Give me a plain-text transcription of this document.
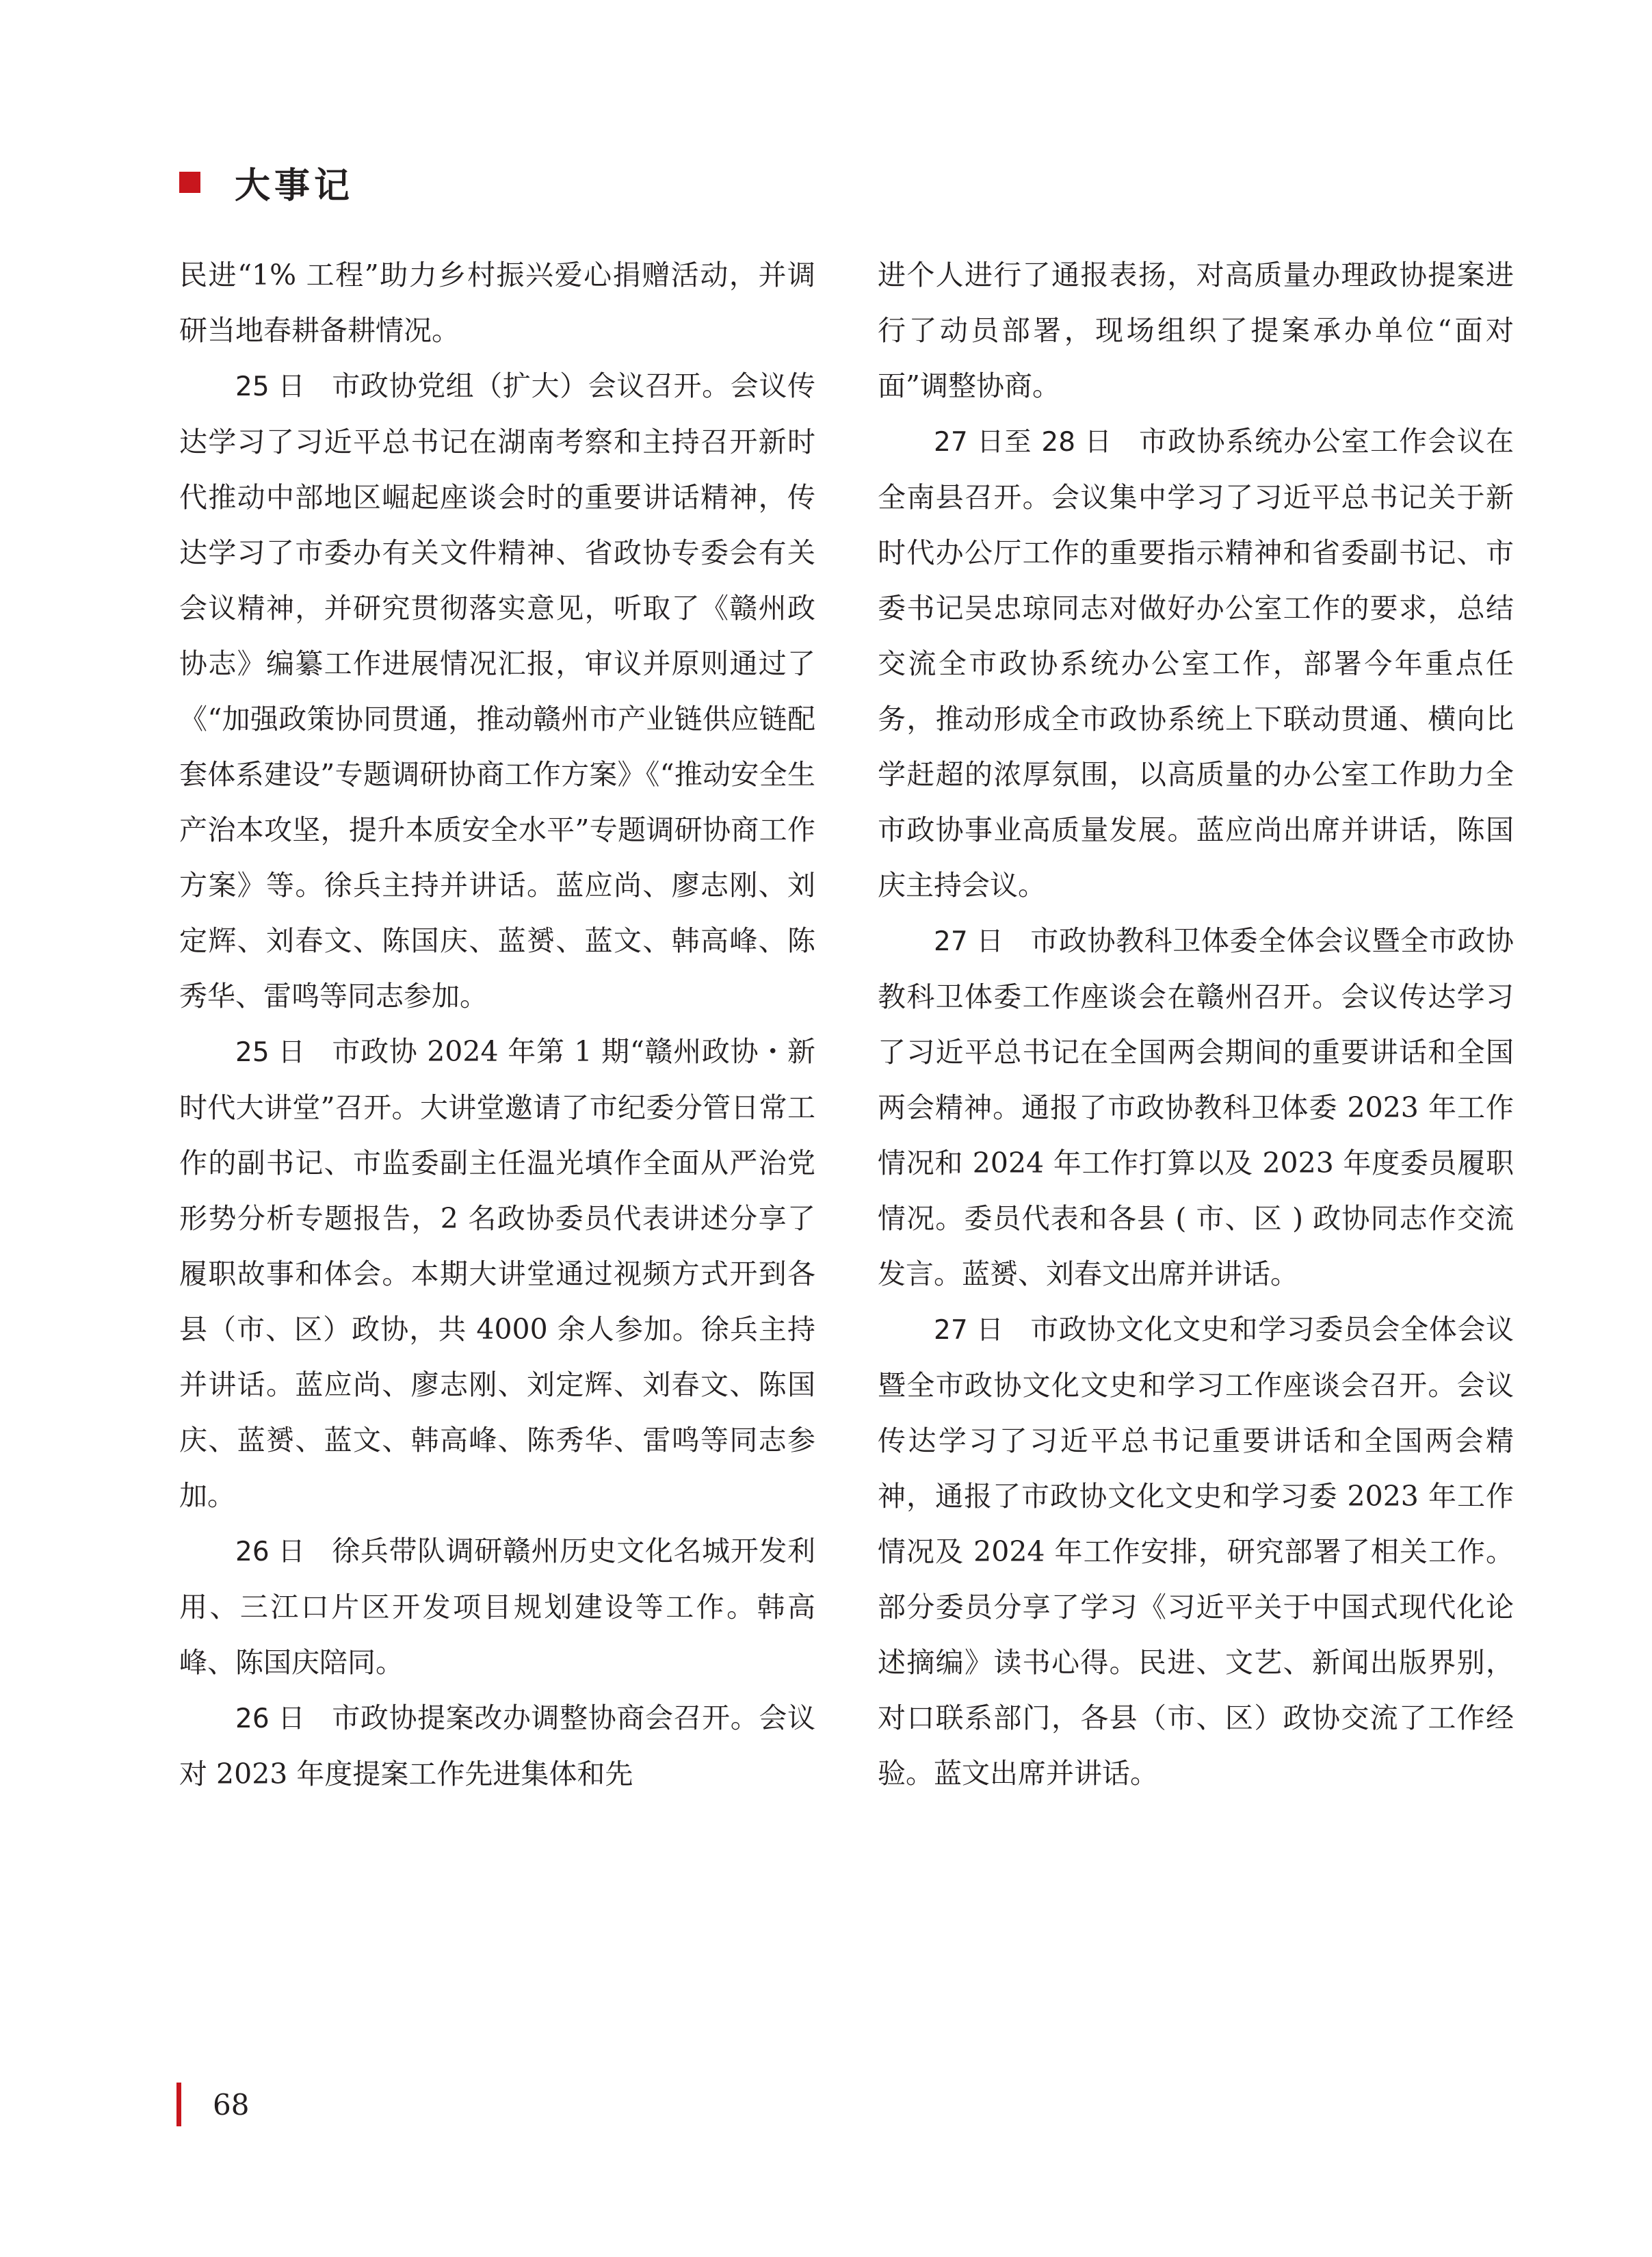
大事记

民进“1% 工程”助力乡村振兴爱心捐赠活动，并调研当地春耕备耕情况。

25 日 市政协党组（扩大）会议召开。会议传达学习了习近平总书记在湖南考察和主持召开新时代推动中部地区崛起座谈会时的重要讲话精神，传达学习了市委办有关文件精神、省政协专委会有关会议精神，并研究贯彻落实意见，听取了《赣州政协志》编纂工作进展情况汇报，审议并原则通过了《“加强政策协同贯通，推动赣州市产业链供应链配套体系建设”专题调研协商工作方案》《“推动安全生产治本攻坚，提升本质安全水平”专题调研协商工作方案》等。徐兵主持并讲话。蓝应尚、廖志刚、刘定辉、刘春文、陈国庆、蓝赟、蓝文、韩高峰、陈秀华、雷鸣等同志参加。

25 日 市政协 2024 年第 1 期“赣州政协・新时代大讲堂”召开。大讲堂邀请了市纪委分管日常工作的副书记、市监委副主任温光填作全面从严治党形势分析专题报告，2 名政协委员代表讲述分享了履职故事和体会。本期大讲堂通过视频方式开到各县（市、区）政协，共 4000 余人参加。徐兵主持并讲话。蓝应尚、廖志刚、刘定辉、刘春文、陈国庆、蓝赟、蓝文、韩高峰、陈秀华、雷鸣等同志参加。

26 日 徐兵带队调研赣州历史文化名城开发利用、三江口片区开发项目规划建设等工作。韩高峰、陈国庆陪同。

26 日 市政协提案改办调整协商会召开。会议对 2023 年度提案工作先进集体和先

进个人进行了通报表扬，对高质量办理政协提案进行了动员部署，现场组织了提案承办单位“面对面”调整协商。

27 日至 28 日 市政协系统办公室工作会议在全南县召开。会议集中学习了习近平总书记关于新时代办公厅工作的重要指示精神和省委副书记、市委书记吴忠琼同志对做好办公室工作的要求，总结交流全市政协系统办公室工作，部署今年重点任务，推动形成全市政协系统上下联动贯通、横向比学赶超的浓厚氛围，以高质量的办公室工作助力全市政协事业高质量发展。蓝应尚出席并讲话，陈国庆主持会议。

27 日 市政协教科卫体委全体会议暨全市政协教科卫体委工作座谈会在赣州召开。会议传达学习了习近平总书记在全国两会期间的重要讲话和全国两会精神。通报了市政协教科卫体委 2023 年工作情况和 2024 年工作打算以及 2023 年度委员履职情况。委员代表和各县 ( 市、区 ) 政协同志作交流发言。蓝赟、刘春文出席并讲话。

27 日 市政协文化文史和学习委员会全体会议暨全市政协文化文史和学习工作座谈会召开。会议传达学习了习近平总书记重要讲话和全国两会精神，通报了市政协文化文史和学习委 2023 年工作情况及 2024 年工作安排，研究部署了相关工作。部分委员分享了学习《习近平关于中国式现代化论述摘编》读书心得。民进、文艺、新闻出版界别，对口联系部门，各县（市、区）政协交流了工作经验。蓝文出席并讲话。

68
